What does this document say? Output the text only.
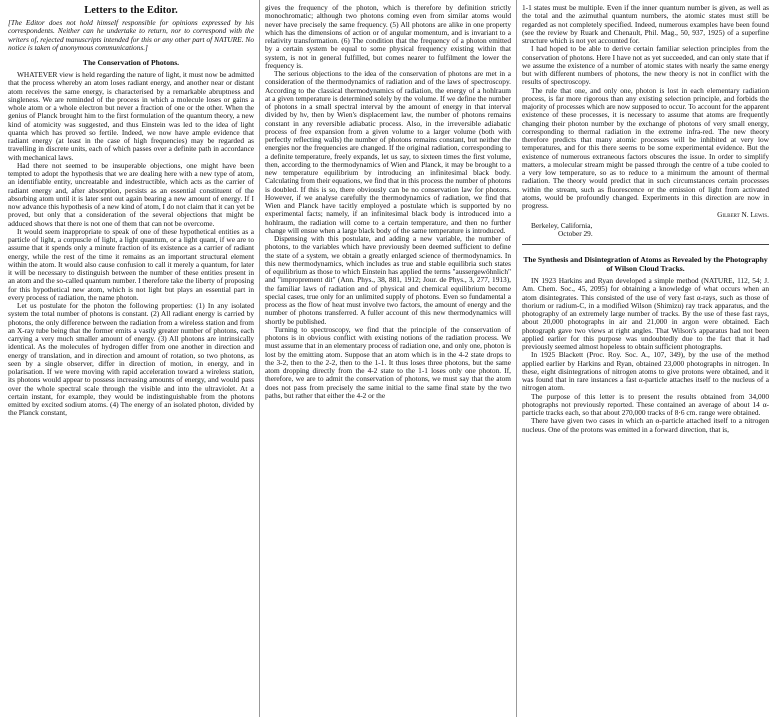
Letters to the Editor.

[The Editor does not hold himself responsible for opinions expressed by his correspondents. Neither can he undertake to return, nor to correspond with the writers of, rejected manuscripts intended for this or any other part of NATURE. No notice is taken of anonymous communications.]

The Conservation of Photons.

WHATEVER view is held regarding the nature of light, it must now be admitted that the process whereby an atom loses radiant energy, and another near or distant atom receives the same energy, is characterised by a remarkable abruptness and singleness. We are reminded of the process in which a molecule loses or gains a whole atom or a whole electron but never a fraction of one or the other. When the genius of Planck brought him to the first formulation of the quantum theory, a new kind of atomicity was suggested, and thus Einstein was led to the idea of light quanta which has proved so fertile. Indeed, we now have ample evidence that radiant energy (at least in the case of high frequencies) may be regarded as travelling in discrete units, each of which passes over a definite path in accordance with mechanical laws.

Had there not seemed to be insuperable objections, one might have been tempted to adopt the hypothesis that we are dealing here with a new type of atom, an identifiable entity, uncreatable and indestructible, which acts as the carrier of radiant energy and, after absorption, persists as an essential constituent of the absorbing atom until it is later sent out again bearing a new amount of energy. If I now advance this hypothesis of a new kind of atom, I do not claim that it can yet be proved, but only that a consideration of the several objections that might be adduced shows that there is not one of them that can not be overcome.

It would seem inappropriate to speak of one of these hypothetical entities as a particle of light, a corpuscle of light, a light quantum, or a light quant, if we are to assume that it spends only a minute fraction of its existence as a carrier of radiant energy, while the rest of the time it remains as an important structural element within the atom. It would also cause confusion to call it merely a quantum, for later it will be necessary to distinguish between the number of these entities present in an atom and the so-called quantum number. I therefore take the liberty of proposing for this hypothetical new atom, which is not light but plays an essential part in every process of radiation, the name photon.

Let us postulate for the photon the following properties: (1) In any isolated system the total number of photons is constant. (2) All radiant energy is carried by photons, the only difference between the radiation from a wireless station and from an X-ray tube being that the former emits a vastly greater number of photons, each carrying a very much smaller amount of energy. (3) All photons are intrinsically identical. As the molecules of hydrogen differ from one another in direction and energy of translation, and in direction and amount of rotation, so two photons, as seen by a single observer, differ in direction of motion, in energy, and in polarisation. If we were moving with rapid acceleration toward a wireless station, its photons would appear to possess increasing amounts of energy, and would pass over the whole spectral scale through the visible and into the ultraviolet. At a certain instant, for example, they would be indistinguishable from the photons emitted by excited sodium atoms. (4) The energy of an isolated photon, divided by the Planck constant,

gives the frequency of the photon, which is therefore by definition strictly monochromatic; although two photons coming even from similar atoms would never have precisely the same frequency. (5) All photons are alike in one property which has the dimensions of action or of angular momentum, and is invariant to a relativity transformation. (6) The condition that the frequency of a photon emitted by a certain system be equal to some physical frequency existing within that system, is not in general fulfilled, but comes nearer to fulfilment the lower the frequency is.

The serious objections to the idea of the conservation of photons are met in a consideration of the thermodynamics of radiation and of the laws of spectroscopy. According to the classical thermodynamics of radiation, the energy of a hohlraum at a given temperature is determined solely by the volume. If we define the number of photons in a small spectral interval by the amount of energy in that interval divided by hν, then by Wien's displacement law, the number of photons remains constant in any reversible adiabatic process. Also, in the irreversible adiabatic process of free expansion from a given volume to a larger volume (both with perfectly reflecting walls) the number of photons remains constant, but neither the energies nor the frequencies are changed. If the original radiation, corresponding to a definite temperature, freely expands, let us say, to sixteen times the first volume, then, according to the thermodynamics of Wien and Planck, it may be brought to a new temperature equilibrium by introducing an infinitesimal black body. Calculating from their equations, we find that in this process the number of photons is doubled. If this is so, there obviously can be no conservation law for photons. However, if we analyse carefully the thermodynamics of radiation, we find that Wien and Planck have tacitly employed a postulate which is supported by no experimental facts; namely, if an infinitesimal black body is introduced into a hohlraum, the radiation will come to a certain temperature, and then no further change will ensue when a large black body of the same temperature is introduced.

Dispensing with this postulate, and adding a new variable, the number of photons, to the variables which have previously been deemed sufficient to define the state of a system, we obtain a greatly enlarged science of thermodynamics. In this new thermodynamics, which includes as true and stable equilibria such states of equilibrium as those to which Einstein has applied the terms "aussergewöhnlich" and "improprement dit" (Ann. Phys., 38, 881, 1912; Jour. de Phys., 3, 277, 1913), the familiar laws of radiation and of physical and chemical equilibrium become special cases, true only for an unlimited supply of photons. Even so fundamental a process as the flow of heat must involve two factors, the amount of energy and the number of photons transferred. A fuller account of this new thermodynamics will shortly be published.

Turning to spectroscopy, we find that the principle of the conservation of photons is in obvious conflict with existing notions of the radiation process. We must assume that in an elementary process of radiation one, and only one, photon is lost by the emitting atom. Suppose that an atom which is in the 4-2 state drops to the 3-2, then to the 2-2, then to the 1-1. It thus loses three photons, but the same atom dropping directly from the 4-2 state to the 1-1 loses only one photon. If, therefore, we are to admit the conservation of photons, we must say that the atom does not pass from precisely the same initial to the same final state by the two paths, but rather that either the 4-2 or the

1-1 states must be multiple. Even if the inner quantum number is given, as well as the total and the azimuthal quantum numbers, the atomic states must still be regarded as not completely specified. Indeed, numerous examples have been found (see the review by Ruark and Chenault, Phil. Mag., 50, 937, 1925) of a superfine structure which is not yet accounted for.

I had hoped to be able to derive certain familiar selection principles from the conservation of photons. Here I have not as yet succeeded, and can only state that if we assume the existence of a number of atomic states with nearly the same energy but with different numbers of photons, the new theory is not in conflict with the results of spectroscopy.

The rule that one, and only one, photon is lost in each elementary radiation process, is far more rigorous than any existing selection principle, and forbids the majority of processes which are now supposed to occur. To account for the apparent existence of these processes, it is necessary to assume that atoms are frequently changing their photon number by the exchange of photons of very small energy, corresponding to thermal radiation in the extreme infra-red. The new theory therefore predicts that many atomic processes will be inhibited at very low temperatures, and for this there seems to be some experimental evidence. But the existence of numerous extraneous factors obscures the issue. In order to simplify matters, a molecular stream might be passed through the centre of a tube cooled to a very low temperature, so as to reduce to a minimum the amount of thermal radiation. The theory would predict that in such circumstances certain processes within the stream, such as fluorescence or the emission of light from activated atoms, would be profoundly changed. Experiments in this direction are now in progress.

Gilbert N. Lewis.
Berkeley, California,
October 29.
The Synthesis and Disintegration of Atoms as Revealed by the Photography of Wilson Cloud Tracks.

IN 1923 Harkins and Ryan developed a simple method (NATURE, 112, 54; J. Am. Chem. Soc., 45, 2095) for obtaining a knowledge of what occurs when an atom disintegrates. This consisted of the use of very fast α-rays, such as those of thorium or radium-C, in a modified Wilson (Shimizu) ray track apparatus, and the photography of an extremely large number of tracks. By the use of these fast rays, about 20,000 photographs in air and 21,000 in argon were obtained. Each photograph gave two views at right angles. That Wilson's apparatus had not been applied earlier for this purpose was undoubtedly due to the fact that it had previously seemed almost hopeless to obtain sufficient photographs.

In 1925 Blackett (Proc. Roy. Soc. A., 107, 349), by the use of the method applied earlier by Harkins and Ryan, obtained 23,000 photographs in nitrogen. In these, eight disintegrations of nitrogen atoms to give protons were obtained, and it was found that in rare instances a fast α-particle attaches itself to the nucleus of a nitrogen atom.

The purpose of this letter is to present the results obtained from 34,000 photographs not previously reported. These contained an average of about 14 α-particle tracks each, so that about 270,000 tracks of 8·6 cm. range were obtained.

There have given two cases in which an α-particle attached itself to a nitrogen nucleus. One of the protons was emitted in a forward direction, that is,
